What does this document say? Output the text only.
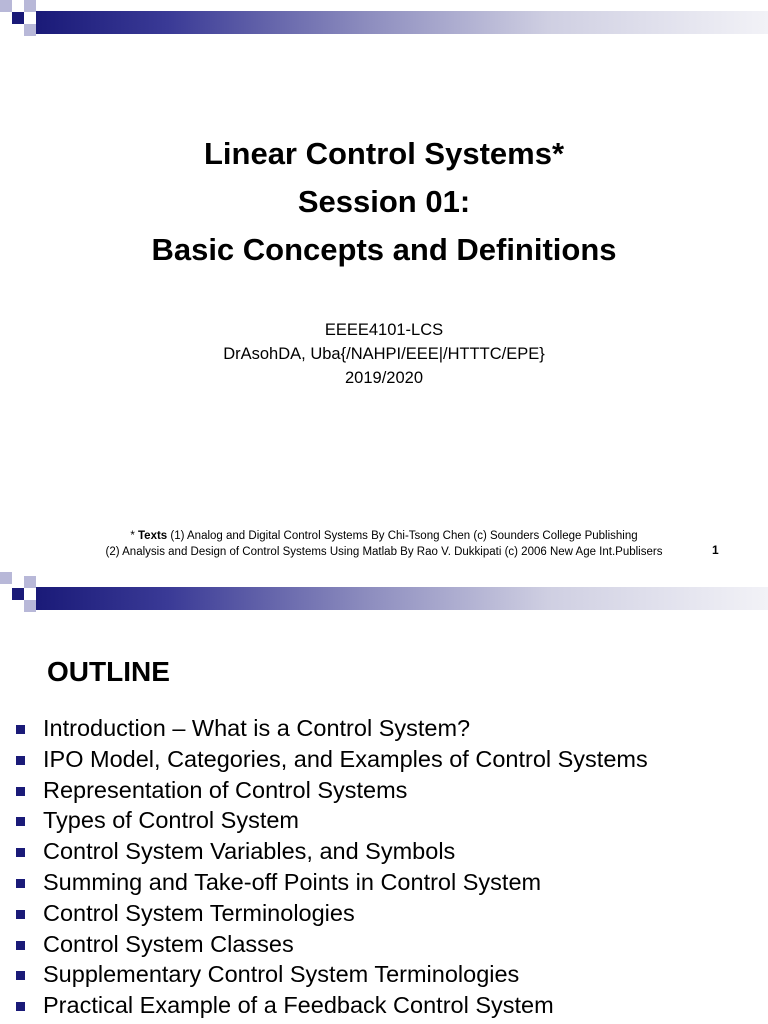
Linear Control Systems*

Session 01:

Basic Concepts and Definitions

EEEE4101-LCS

DrAsohDA, Uba{/NAHPI/EEE|/HTTTC/EPE}

2019/2020

* Texts (1) Analog and Digital Control Systems By Chi-Tsong Chen (c) Sounders College Publishing

(2) Analysis and Design of Control Systems Using Matlab By Rao V. Dukkipati (c) 2006 New Age Int.Publisers	1
OUTLINE
Introduction – What is a Control System?
IPO Model, Categories, and Examples of Control Systems
Representation of Control Systems
Types of Control System
Control System Variables, and Symbols
Summing and Take-off Points in Control System
Control System Terminologies
Control System Classes
Supplementary Control System Terminologies
Practical Example of a Feedback Control System
